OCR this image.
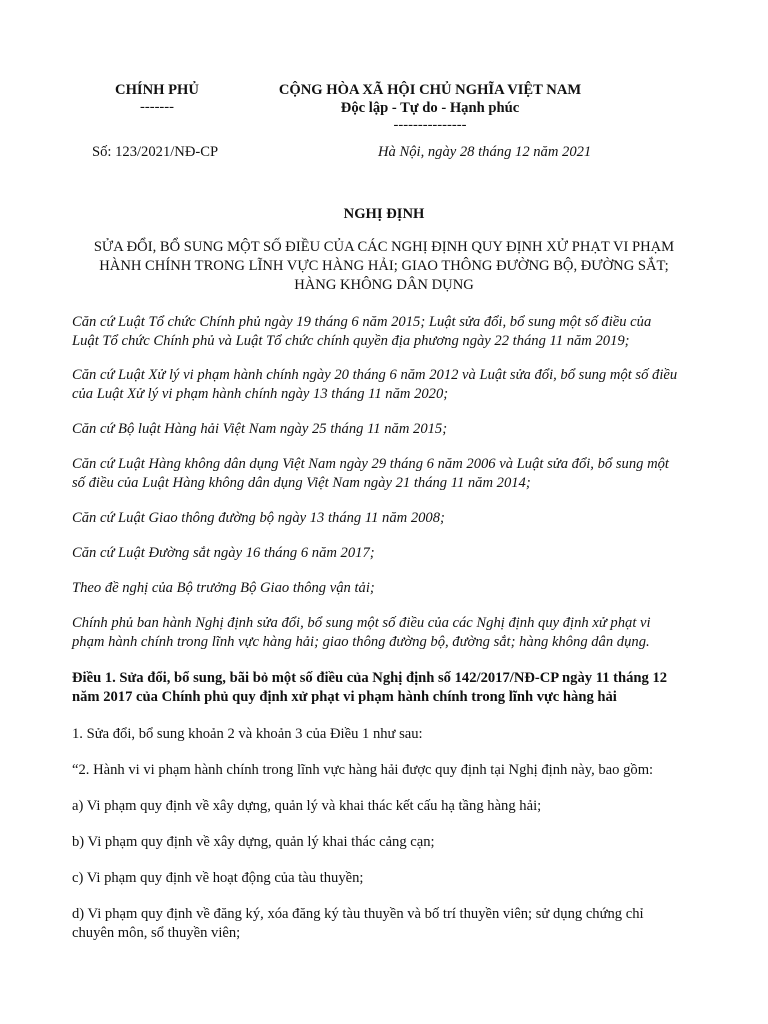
CHÍNH PHỦ
-------
CỘNG HÒA XÃ HỘI CHỦ NGHĨA VIỆT NAM
Độc lập - Tự do - Hạnh phúc
---------------
Số: 123/2021/NĐ-CP	Hà Nội, ngày 28 tháng 12 năm 2021
NGHỊ ĐỊNH
SỬA ĐỔI, BỔ SUNG MỘT SỐ ĐIỀU CỦA CÁC NGHỊ ĐỊNH QUY ĐỊNH XỬ PHẠT VI PHẠM
HÀNH CHÍNH TRONG LĨNH VỰC HÀNG HẢI; GIAO THÔNG ĐƯỜNG BỘ, ĐƯỜNG SẮT;
HÀNG KHÔNG DÂN DỤNG
Căn cứ Luật Tổ chức Chính phủ ngày 19 tháng 6 năm 2015; Luật sửa đổi, bổ sung một số điều của
Luật Tổ chức Chính phủ và Luật Tổ chức chính quyền địa phương ngày 22 tháng 11 năm 2019;
Căn cứ Luật Xử lý vi phạm hành chính ngày 20 tháng 6 năm 2012 và Luật sửa đổi, bổ sung một số điều
của Luật Xử lý vi phạm hành chính ngày 13 tháng 11 năm 2020;
Căn cứ Bộ luật Hàng hải Việt Nam ngày 25 tháng 11 năm 2015;
Căn cứ Luật Hàng không dân dụng Việt Nam ngày 29 tháng 6 năm 2006 và Luật sửa đổi, bổ sung một
số điều của Luật Hàng không dân dụng Việt Nam ngày 21 tháng 11 năm 2014;
Căn cứ Luật Giao thông đường bộ ngày 13 tháng 11 năm 2008;
Căn cứ Luật Đường sắt ngày 16 tháng 6 năm 2017;
Theo đề nghị của Bộ trưởng Bộ Giao thông vận tải;
Chính phủ ban hành Nghị định sửa đổi, bổ sung một số điều của các Nghị định quy định xử phạt vi
phạm hành chính trong lĩnh vực hàng hải; giao thông đường bộ, đường sắt; hàng không dân dụng.
Điều 1. Sửa đổi, bổ sung, bãi bỏ một số điều của Nghị định số 142/2017/NĐ-CP ngày 11 tháng 12
năm 2017 của Chính phủ quy định xử phạt vi phạm hành chính trong lĩnh vực hàng hải
1. Sửa đổi, bổ sung khoản 2 và khoản 3 của Điều 1 như sau:
“2. Hành vi vi phạm hành chính trong lĩnh vực hàng hải được quy định tại Nghị định này, bao gồm:
a) Vi phạm quy định về xây dựng, quản lý và khai thác kết cấu hạ tầng hàng hải;
b) Vi phạm quy định về xây dựng, quản lý khai thác cảng cạn;
c) Vi phạm quy định về hoạt động của tàu thuyền;
d) Vi phạm quy định về đăng ký, xóa đăng ký tàu thuyền và bố trí thuyền viên; sử dụng chứng chỉ
chuyên môn, sổ thuyền viên;
